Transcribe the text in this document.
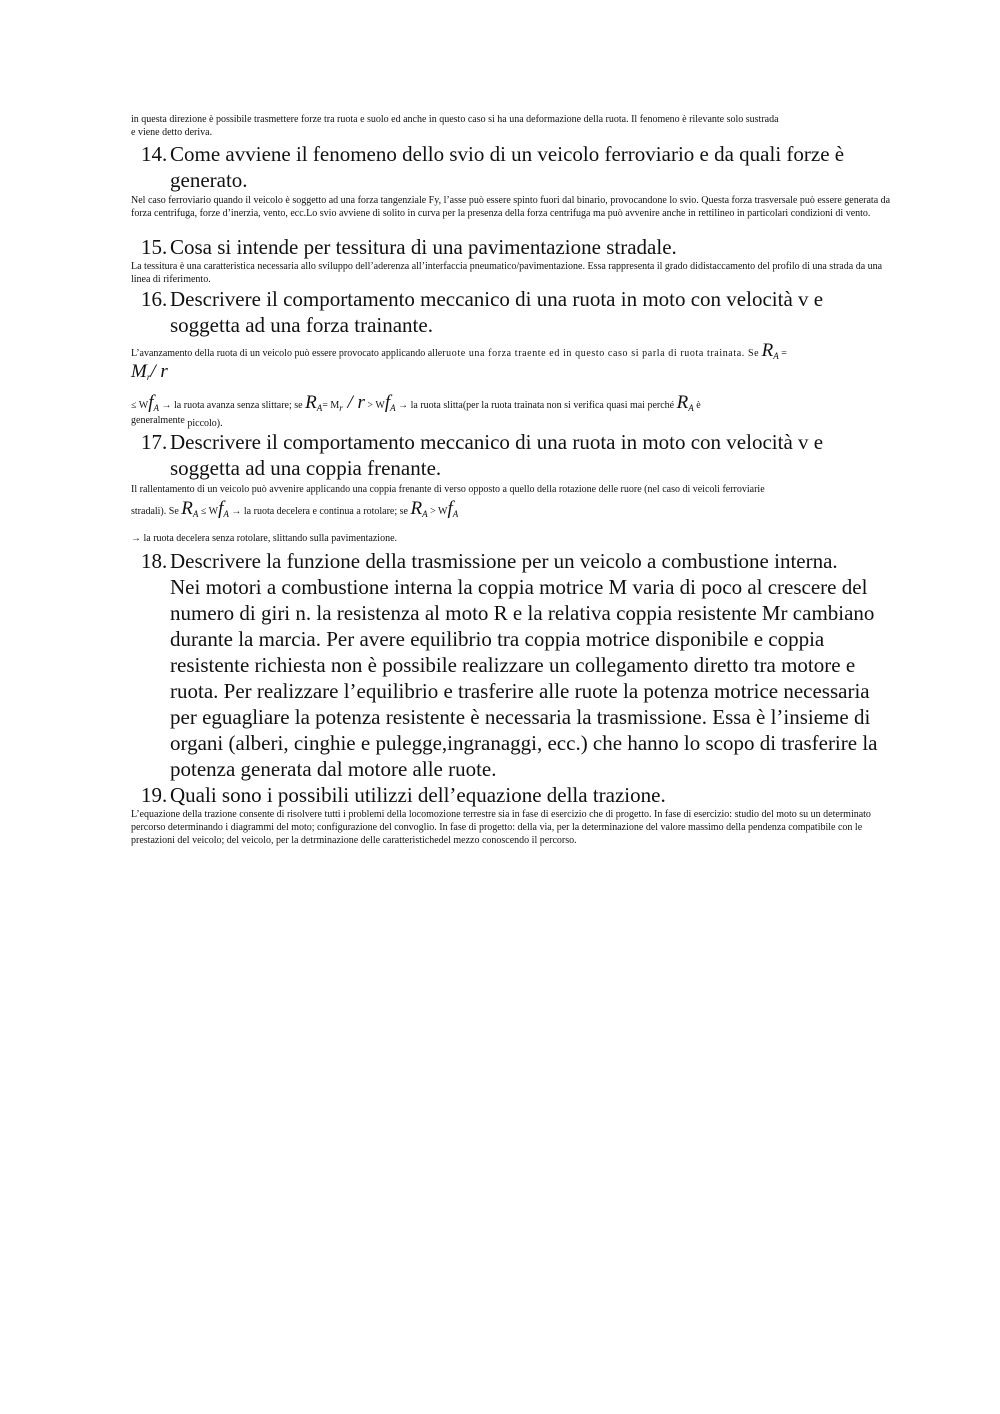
in questa direzione è possibile trasmettere forze tra ruota e suolo ed anche in questo caso si ha una deformazione della ruota. Il fenomeno è rilevante solo sustrada

e viene detto deriva.

14. Come avviene il fenomeno dello svio di un veicolo ferroviario e da quali forze è generato.

Nel caso ferroviario quando il veicolo è soggetto ad una forza tangenziale Fy, l’asse può essere spinto fuori dal binario, provocandone lo svio. Questa forza trasversale può essere generata da forza centrifuga, forze d’inerzia, vento, ecc.Lo svio avviene di solito in curva per la presenza della forza centrifuga ma può avvenire anche in rettilineo in particolari condizioni di vento.

15. Cosa si intende per tessitura di una pavimentazione stradale.

La tessitura è una caratteristica necessaria allo sviluppo dell’aderenza all’interfaccia pneumatico/pavimentazione. Essa rappresenta il grado didistaccamento del profilo di una strada da una linea di riferimento.

16. Descrivere il comportamento meccanico di una ruota in moto con velocità v e soggetta ad una forza trainante.
L’avanzamento della ruota di un veicolo può essere provocato applicando alleruote una forza traente ed in questo caso si parla di ruota trainata. Se $R_A$ =
$M_r/$ r
≤ $Wf_A$ → la ruota avanza senza slittare; se $R_A= M_r / r > Wf_A$ → la ruota slitta(per la ruota trainata non si verifica quasi mai perché $R_A$ è
generalmente piccolo).
17. Descrivere il comportamento meccanico di una ruota in moto con velocità v e soggetta ad una coppia frenante.

Il rallentamento di un veicolo può avvenire applicando una coppia frenante di verso opposto a quello della rotazione delle ruore (nel caso di veicoli ferroviarie

stradali). Se $R_A \le Wf_A$ → la ruota decelera e continua a rotolare; se $R_A > Wf_A$

→ la ruota decelera senza rotolare, slittando sulla pavimentazione.

18. Descrivere la funzione della trasmissione per un veicolo a combustione interna.
Nei motori a combustione interna la coppia motrice M varia di poco al crescere del numero di giri n. la resistenza al moto R e la relativa coppia resistente Mr cambiano durante la marcia. Per avere equilibrio tra coppia motrice disponibile e coppia resistente richiesta non è possibile realizzare un collegamento diretto tra motore e ruota. Per realizzare l’equilibrio e trasferire alle ruote la potenza motrice necessaria per eguagliare la potenza resistente è necessaria la trasmissione. Essa è l’insieme di organi (alberi, cinghie e pulegge,ingranaggi, ecc.) che hanno lo scopo di trasferire la potenza generata dal motore alle ruote.
19. Quali sono i possibili utilizzi dell’equazione della trazione.

L’equazione della trazione consente di risolvere tutti i problemi della locomozione terrestre sia in fase di esercizio che di progetto. In fase di esercizio: studio del moto su un determinato percorso determinando i diagrammi del moto; configurazione del convoglio. In fase di progetto: della via, per la determinazione del valore massimo della pendenza compatibile con le prestazioni del veicolo; del veicolo, per la detrminazione delle caratteristichedel mezzo conoscendo il percorso.
